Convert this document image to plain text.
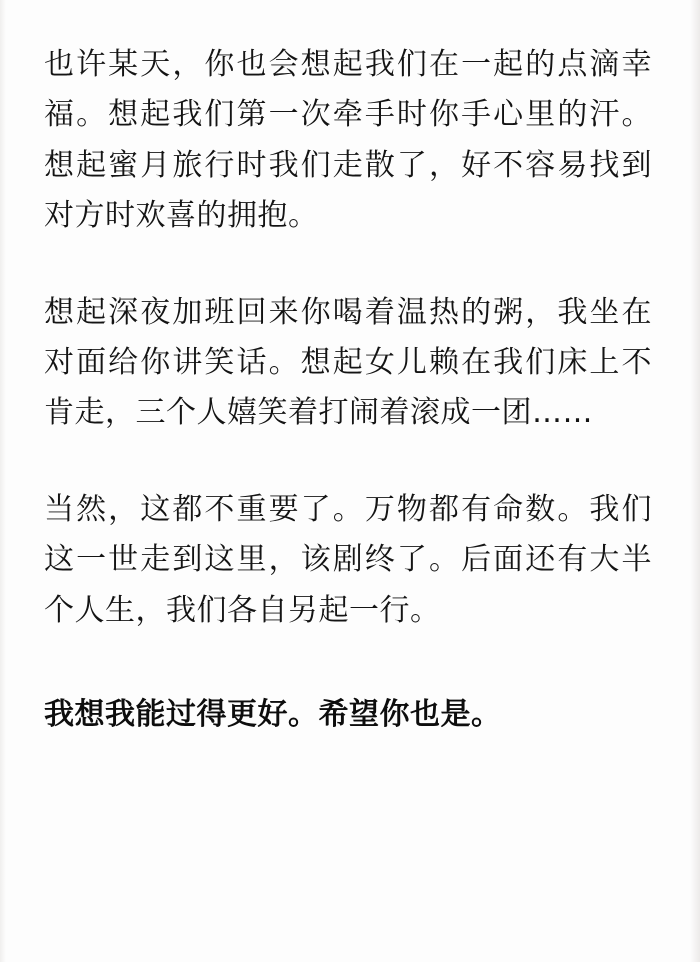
也许某天，你也会想起我们在一起的点滴幸福。想起我们第一次牵手时你手心里的汗。想起蜜月旅行时我们走散了，好不容易找到对方时欢喜的拥抱。

想起深夜加班回来你喝着温热的粥，我坐在对面给你讲笑话。想起女儿赖在我们床上不肯走，三个人嬉笑着打闹着滚成一团……

当然，这都不重要了。万物都有命数。我们这一世走到这里，该剧终了。后面还有大半个人生，我们各自另起一行。

我想我能过得更好。希望你也是。
